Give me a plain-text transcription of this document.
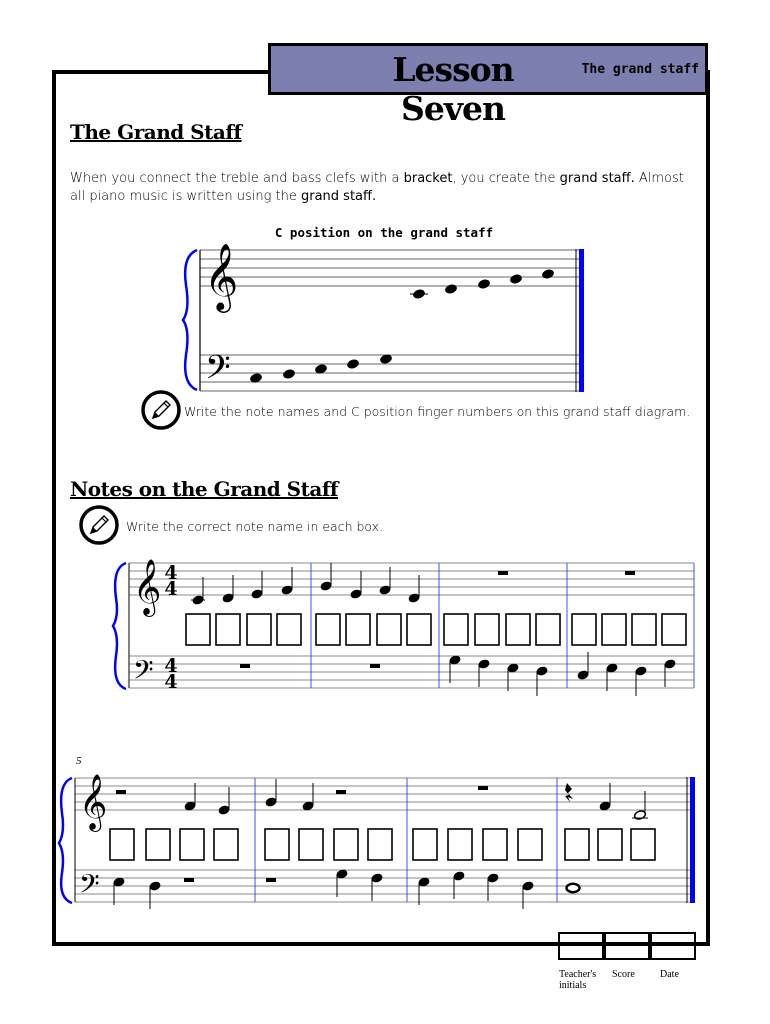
Lesson Seven
The grand staff
The Grand Staff
When you connect the treble and bass clefs with a bracket, you create the grand staff. Almost all piano music is written using the grand staff.
Write the note names and C position finger numbers on this grand staff diagram.
Notes on the Grand Staff
Write the correct note name in each box.
C position on the grand staff
𝄞
𝄢
𝄞
𝄢
4
4
4
4
5
𝄞
𝄢
Teacher's initials
Score	Date
